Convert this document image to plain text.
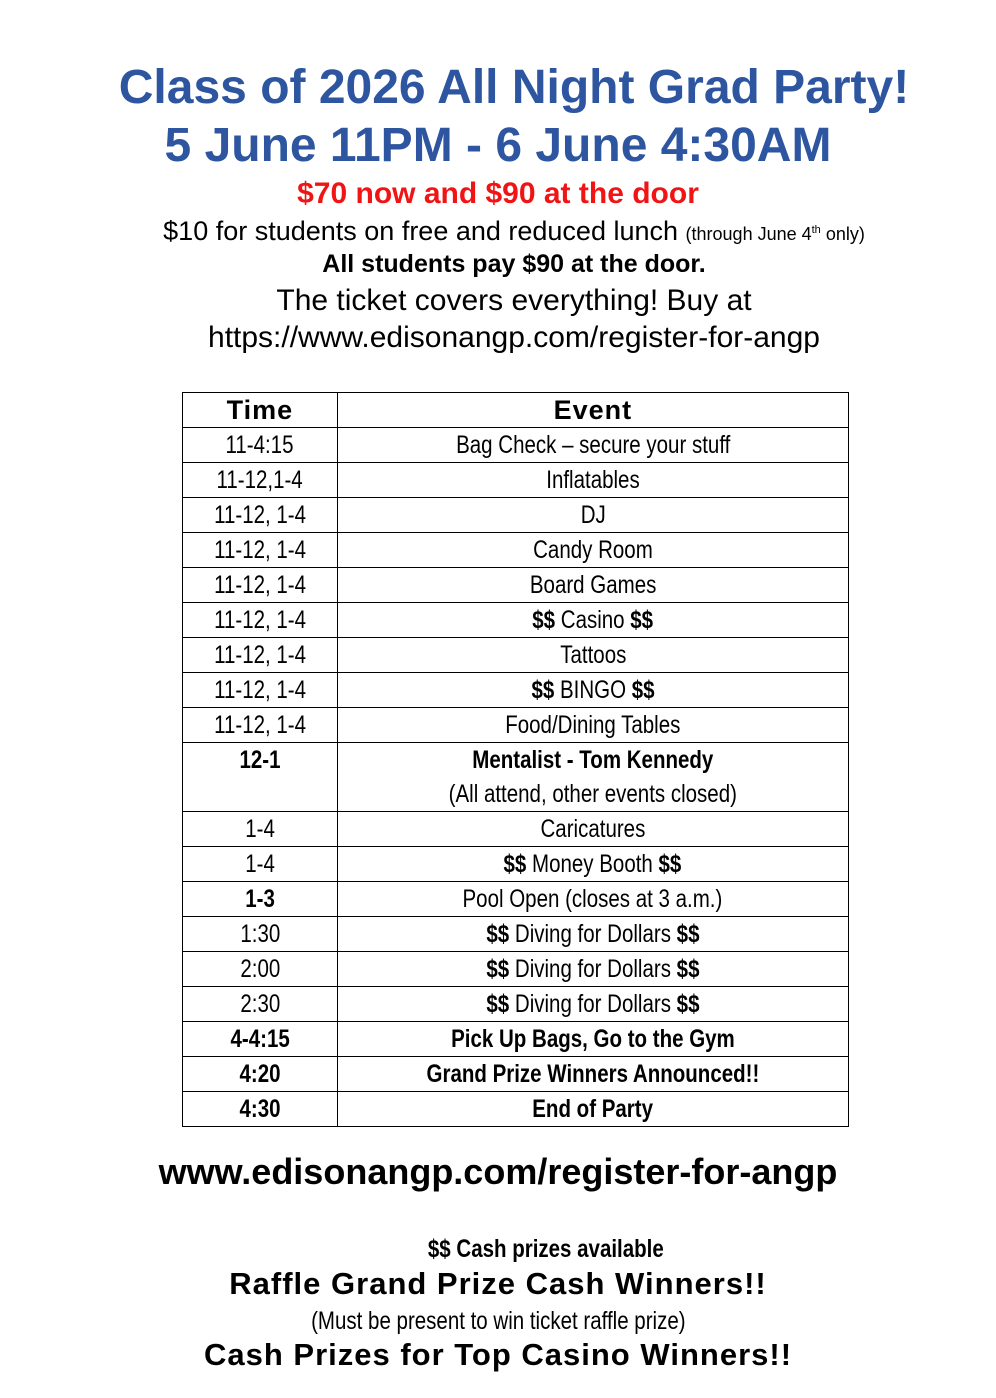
Class of 2026 All Night Grad Party!
5 June 11PM - 6 June 4:30AM

$70 now and $90 at the door

$10 for students on free and reduced lunch (through June 4th only)

All students pay $90 at the door.

The ticket covers everything! Buy at

https://www.edisonangp.com/register-for-angp

Time	Event
11-4:15	Bag Check – secure your stuff
11-12,1-4	Inflatables
11-12, 1-4	DJ
11-12, 1-4	Candy Room
11-12, 1-4	Board Games
11-12, 1-4	$$ Casino $$
11-12, 1-4	Tattoos
11-12, 1-4	$$ BINGO $$
11-12, 1-4	Food/Dining Tables
12-1	Mentalist - Tom Kennedy
(All attend, other events closed)

1-4	Caricatures
1-4	$$ Money Booth $$
1-3	Pool Open (closes at 3 a.m.)
1:30	$$ Diving for Dollars $$
2:00	$$ Diving for Dollars $$
2:30	$$ Diving for Dollars $$
4-4:15	Pick Up Bags, Go to the Gym
4:20	Grand Prize Winners Announced!!
4:30	End of Party

www.edisonangp.com/register-for-angp

$$ Cash prizes available

Raffle Grand Prize Cash Winners!!

(Must be present to win ticket raffle prize)

Cash Prizes for Top Casino Winners!!
